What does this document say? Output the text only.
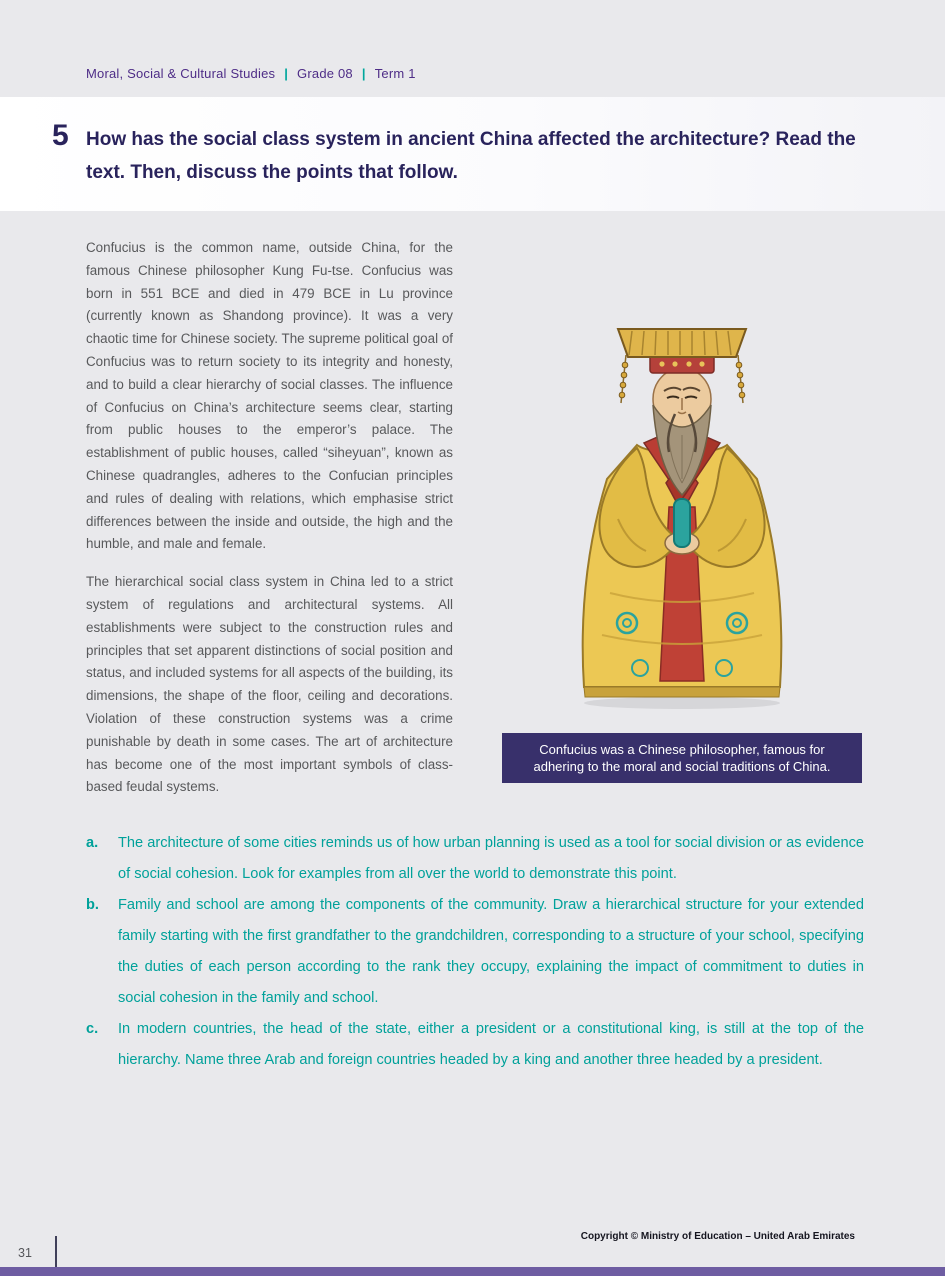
Moral, Social & Cultural Studies | Grade 08 | Term 1
5 How has the social class system in ancient China affected the architecture? Read the text. Then, discuss the points that follow.

Confucius is the common name, outside China, for the famous Chinese philosopher Kung Fu-tse. Confucius was born in 551 BCE and died in 479 BCE in Lu province (currently known as Shandong province). It was a very chaotic time for Chinese society. The supreme political goal of Confucius was to return society to its integrity and honesty, and to build a clear hierarchy of social classes. The influence of Confucius on China’s architecture seems clear, starting from public houses to the emperor’s palace. The establishment of public houses, called “siheyuan”, known as Chinese quadrangles, adheres to the Confucian principles and rules of dealing with relations, which emphasise strict differences between the inside and outside, the high and the humble, and male and female.

The hierarchical social class system in China led to a strict system of regulations and architectural systems. All establishments were subject to the construction rules and principles that set apparent distinctions of social position and status, and included systems for all aspects of the building, its dimensions, the shape of the floor, ceiling and decorations. Violation of these construction systems was a crime punishable by death in some cases. The art of architecture has become one of the most important symbols of class-based feudal systems.

Confucius was a Chinese philosopher, famous for adhering to the moral and social traditions of China.
a.	The architecture of some cities reminds us of how urban planning is used as a tool for social division or as evidence of social cohesion. Look for examples from all over the world to demonstrate this point.
b.	Family and school are among the components of the community. Draw a hierarchical structure for your extended family starting with the first grandfather to the grandchildren, corresponding to a structure of your school, specifying the duties of each person according to the rank they occupy, explaining the impact of commitment to duties in social cohesion in the family and school.
c.	In modern countries, the head of the state, either a president or a constitutional king, is still at the top of the hierarchy. Name three Arab and foreign countries headed by a king and another three headed by a president.
31
Copyright © Ministry of Education – United Arab Emirates
